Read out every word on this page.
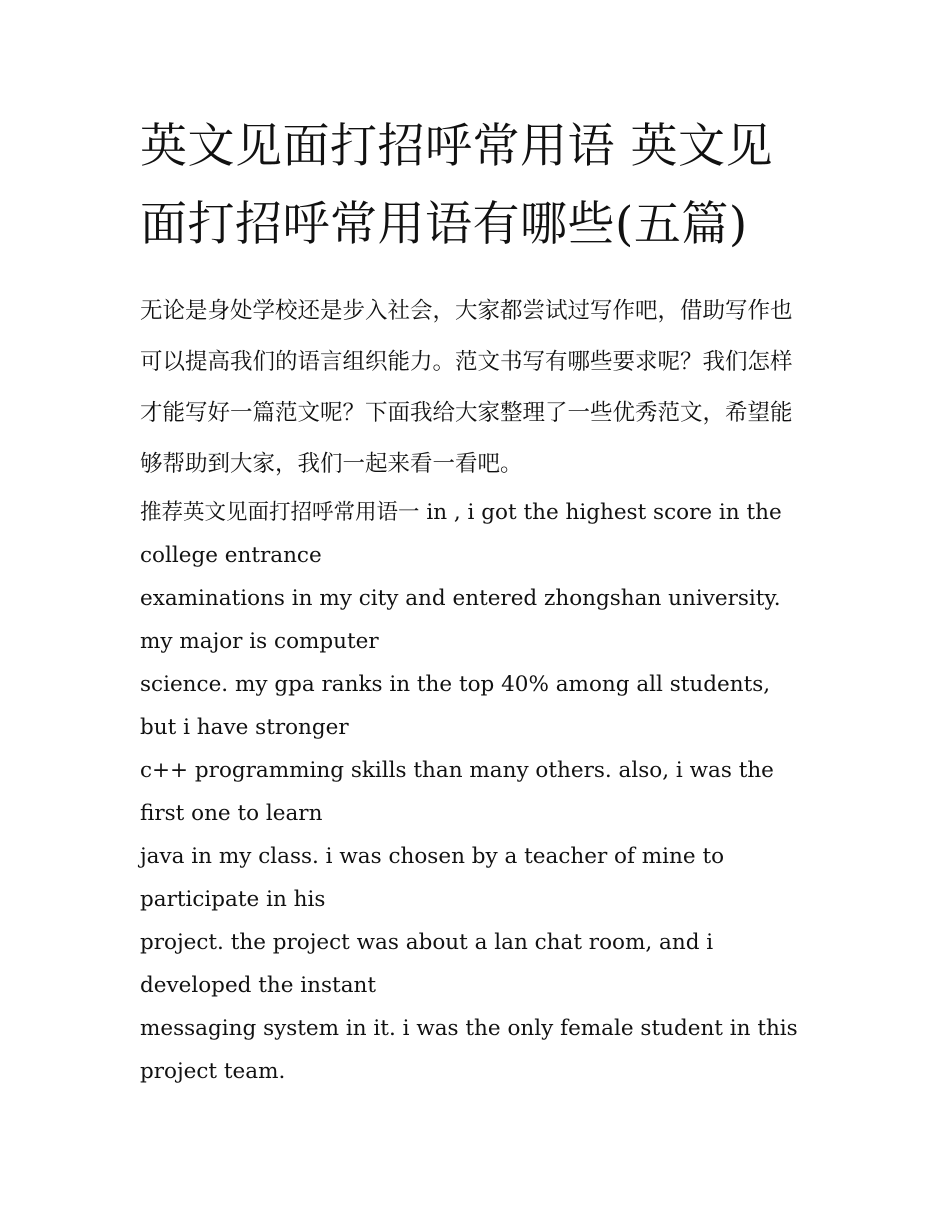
英文见面打招呼常用语 英文见面打招呼常用语有哪些(五篇)

无论是身处学校还是步入社会，大家都尝试过写作吧，借助写作也可以提高我们的语言组织能力。范文书写有哪些要求呢？我们怎样才能写好一篇范文呢？下面我给大家整理了一些优秀范文，希望能够帮助到大家，我们一起来看一看吧。

推荐英文见面打招呼常用语一 in , i got the highest score in the college entrance
examinations in my city and entered zhongshan university. my major is computer
science. my gpa ranks in the top 40% among all students, but i have stronger
c++ programming skills than many others. also, i was the first one to learn
java in my class. i was chosen by a teacher of mine to participate in his
project. the project was about a lan chat room, and i developed the instant
messaging system in it. i was the only female student in this project team.
